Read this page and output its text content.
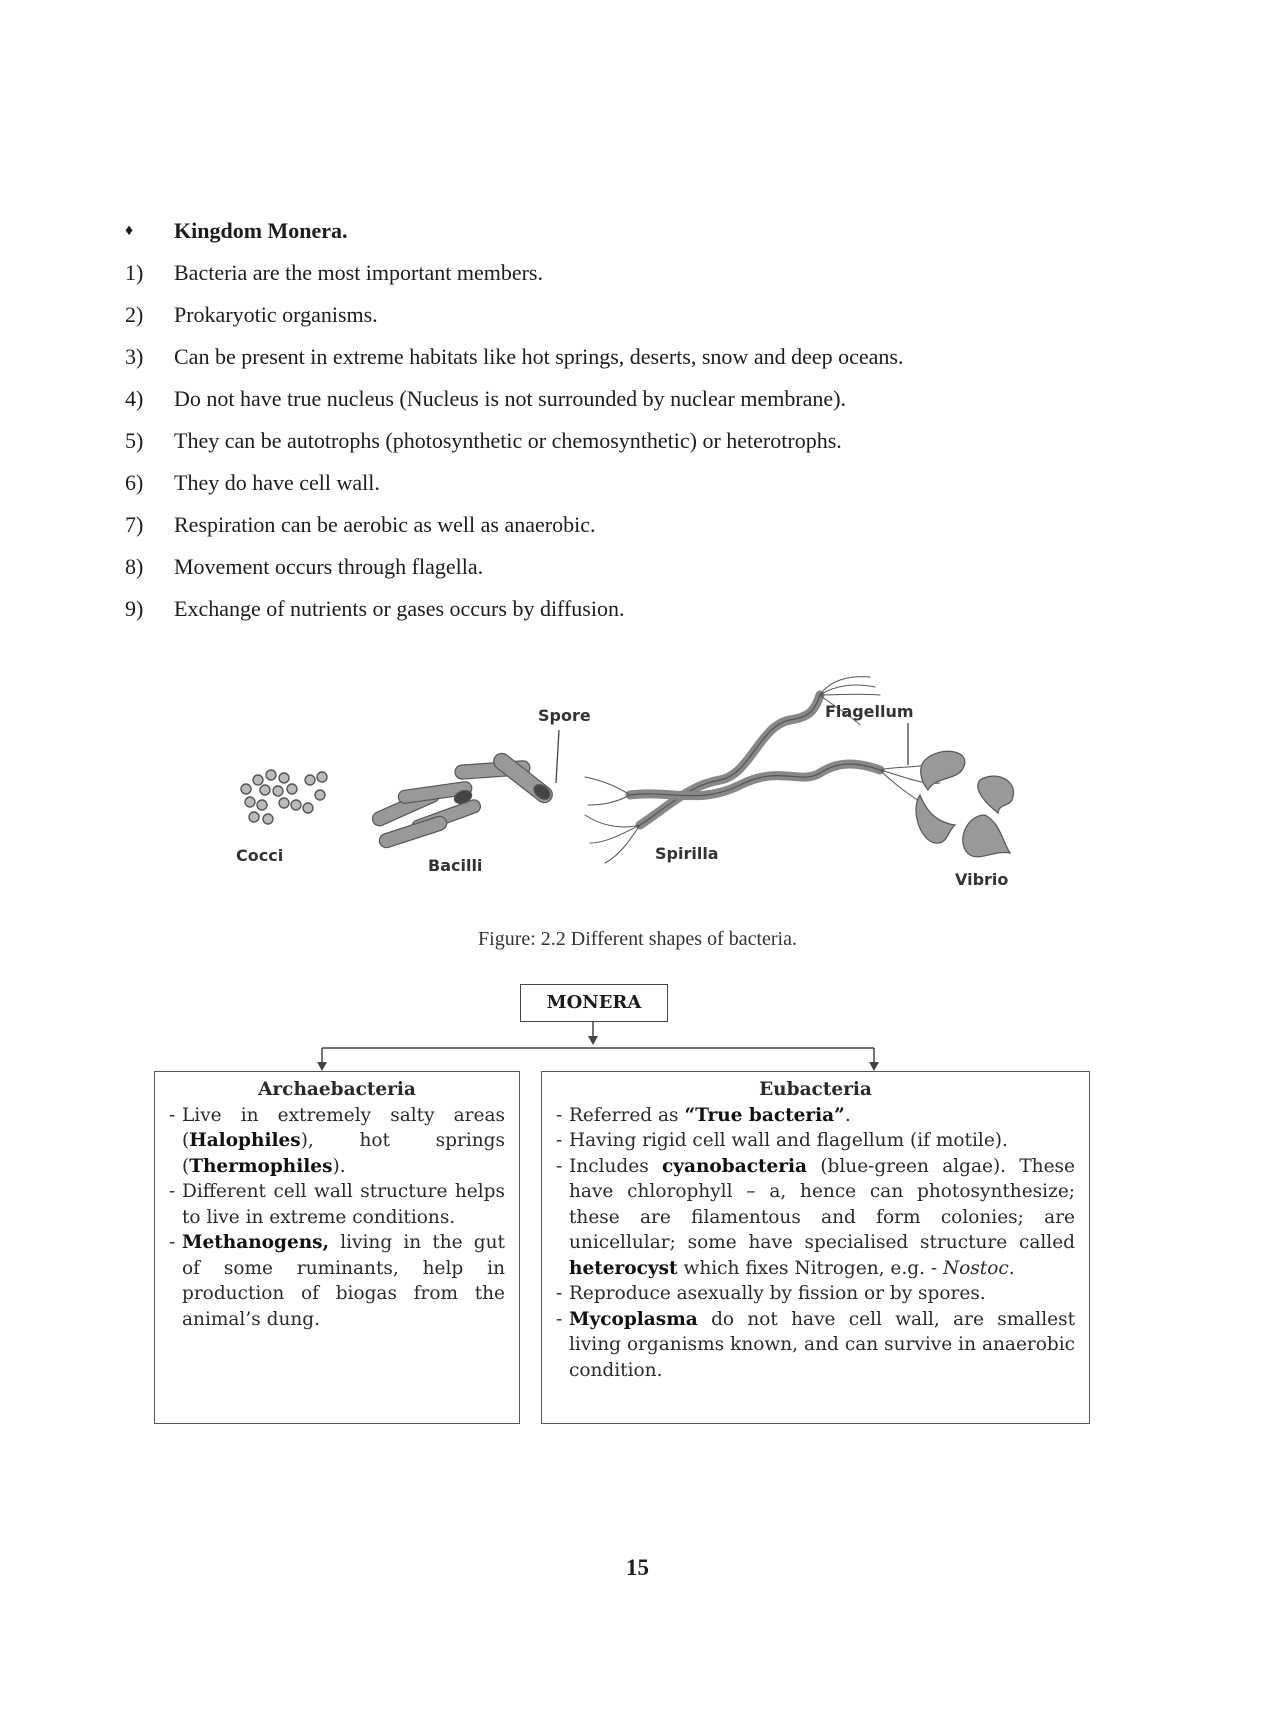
♦	Kingdom Monera.
1)	Bacteria are the most important members.
2)	Prokaryotic organisms.
3)	Can be present in extreme habitats like hot springs, deserts, snow and deep oceans.
4)	Do not have true nucleus (Nucleus is not surrounded by nuclear membrane).
5)	They can be autotrophs (photosynthetic or chemosynthetic) or heterotrophs.
6)	They do have cell wall.
7)	Respiration can be aerobic as well as anaerobic.
8)	Movement occurs through flagella.
9)	Exchange of nutrients or gases occurs by diffusion.
Cocci
Spore
Bacilli
Flagellum
Spirilla
Vibrio
Figure: 2.2 Different shapes of bacteria.
MONERA
Archaebacteria
- Live in extremely salty areas (Halophiles), hot springs (Thermophiles).
- Different cell wall structure helps to live in extreme conditions.
- Methanogens, living in the gut of some ruminants, help in production of biogas from the animal’s dung.
Eubacteria
- Referred as “True bacteria”.
- Having rigid cell wall and flagellum (if motile).
- Includes cyanobacteria (blue-green algae). These have chlorophyll – a, hence can photosynthesize; these are filamentous and form colonies; are unicellular; some have specialised structure called heterocyst which fixes Nitrogen, e.g. - Nostoc.
- Reproduce asexually by fission or by spores.
- Mycoplasma do not have cell wall, are smallest living organisms known, and can survive in anaerobic condition.
15
